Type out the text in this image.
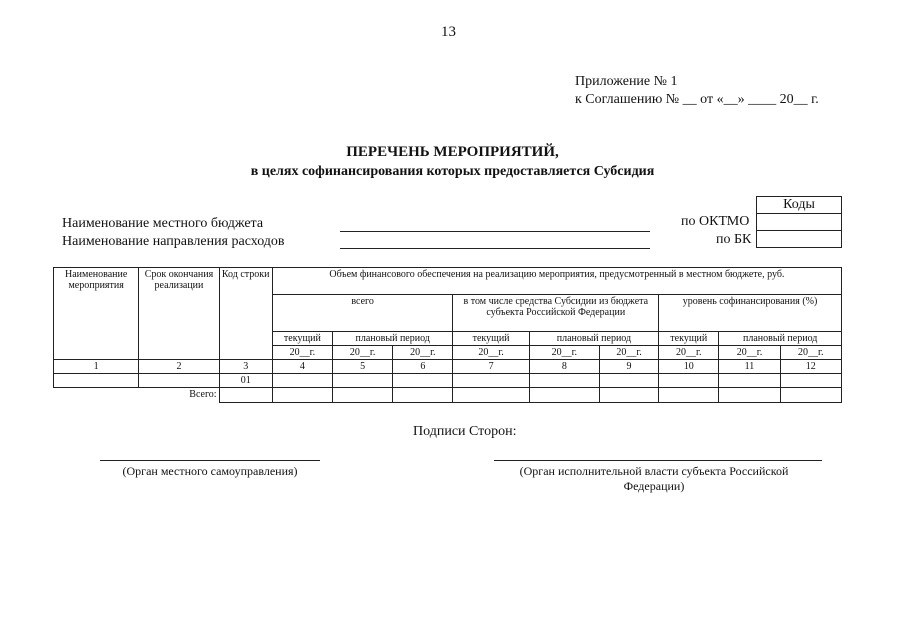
13
Приложение № 1
к Соглашению № __ от «__» ____ 20__ г.
ПЕРЕЧЕНЬ МЕРОПРИЯТИЙ,
в целях софинансирования которых предоставляется Субсидия
Коды

Наименование местного бюджета	по ОКТМО
Наименование направления расходов	по БК
Наименование мероприятия	Срок окончания реализации	Код строки	Объем финансового обеспечения на реализацию мероприятия, предусмотренный в местном бюджете, руб.								
			всего			в том числе средства Субсидии из бюджета субъекта Российской Федерации			уровень софинансирования (%)		
			текущий	плановый период		текущий	плановый период		текущий	плановый период	
			20__г.	20__г.	20__г.	20__г.	20__г.	20__г.	20__г.	20__г.	20__г.
1	2	3	4	5	6	7	8	9	10	11	12
		01									
Всего:											
Подписи Сторон:
(Орган местного самоуправления)	(Орган исполнительной власти субъекта Российской Федерации)
